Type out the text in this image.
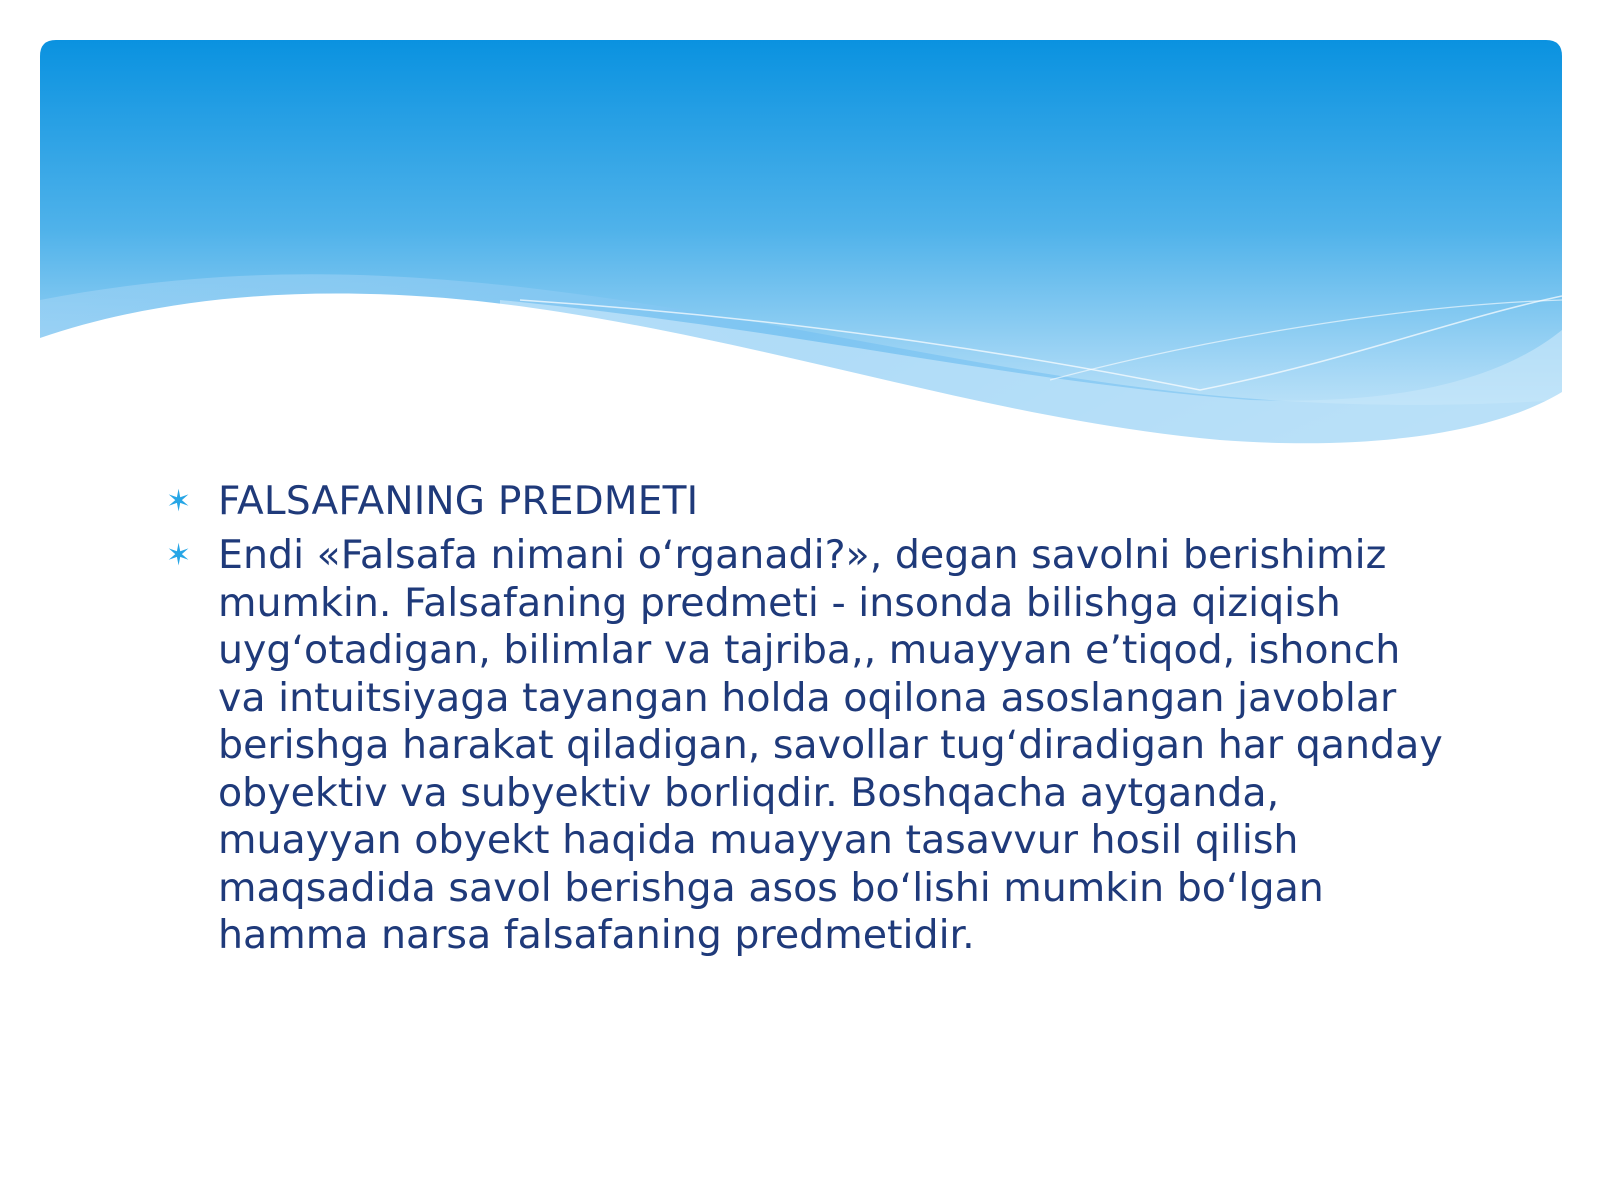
✶ FALSAFANING PREDMETI
✶ Endi «Falsafa nimani oʻrganadi?», degan savolni berishimiz mumkin. Falsafaning predmeti - insonda bilishga qiziqish uygʻotadigan, bilimlar va tajriba,, muayyan eʼtiqod, ishonch va intuitsiyaga tayangan holda oqilona asoslangan javoblar berishga harakat qiladigan, savollar tugʻdiradigan har qanday obyektiv va subyektiv borliqdir. Boshqacha aytganda, muayyan obyekt haqida muayyan tasavvur hosil qilish maqsadida savol berishga asos boʻlishi mumkin boʻlgan hamma narsa falsafaning predmetidir.
